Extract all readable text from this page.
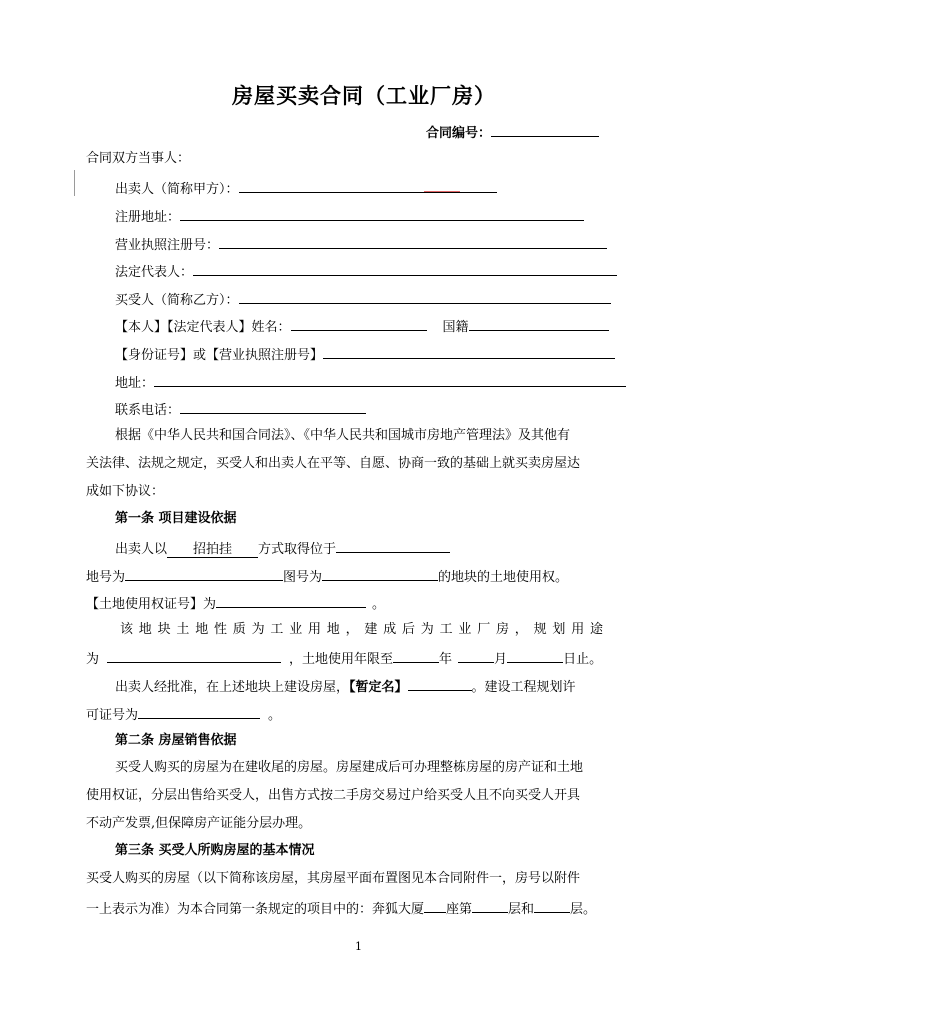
房屋买卖合同（工业厂房）
合同编号：
合同双方当事人：
出卖人（简称甲方）：
注册地址：
营业执照注册号：
法定代表人：
买受人（简称乙方）：
【本人】【法定代表人】姓名：	国籍
【身份证号】或【营业执照注册号】
地址：
联系电话：
根据《中华人民共和国合同法》、《中华人民共和国城市房地产管理法》及其他有
关法律、法规之规定，买受人和出卖人在平等、自愿、协商一致的基础上就买卖房屋达
成如下协议：
第一条 项目建设依据
出卖人以 招拍挂 方式取得位于
地号为	图号为	的地块的土地使用权。
【土地使用权证号】为	。
该地块土地性质为工业用地，建成后为工业厂房，规划用途
为	，土地使用年限至	年	月	日止。
出卖人经批准，在上述地块上建设房屋，【暂定名】	。建设工程规划许
可证号为	。
第二条 房屋销售依据
买受人购买的房屋为在建收尾的房屋。房屋建成后可办理整栋房屋的房产证和土地
使用权证，分层出售给买受人，出售方式按二手房交易过户给买受人且不向买受人开具
不动产发票,但保障房产证能分层办理。
第三条 买受人所购房屋的基本情况
买受人购买的房屋（以下简称该房屋，其房屋平面布置图见本合同附件一，房号以附件
一上表示为准）为本合同第一条规定的项目中的：奔狐大厦 座第	层和	层。
1
